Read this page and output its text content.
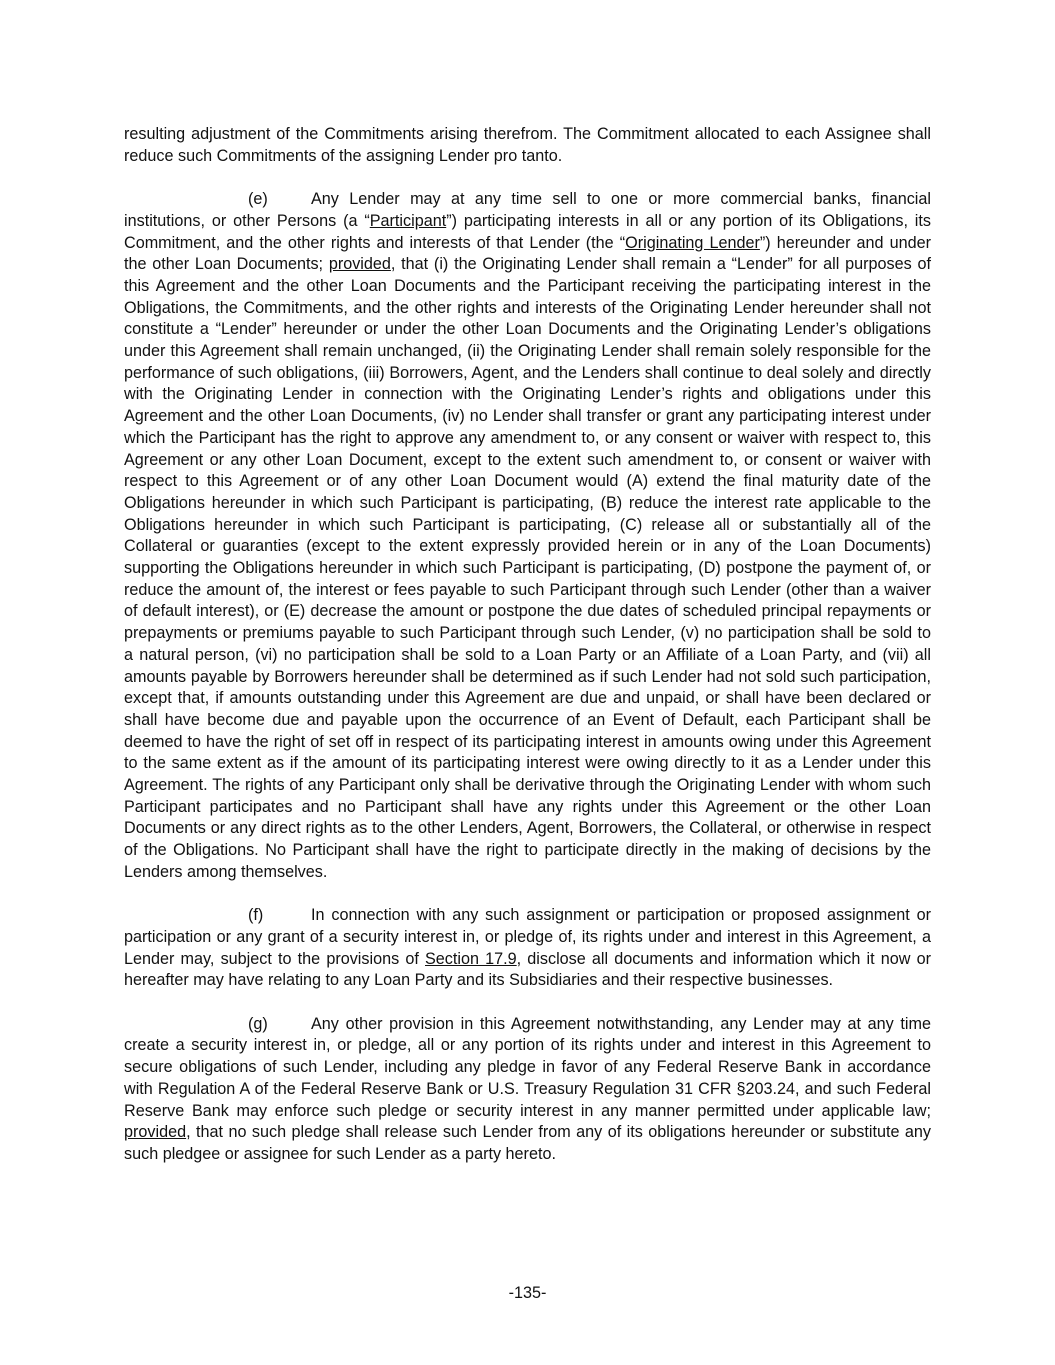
resulting adjustment of the Commitments arising therefrom. The Commitment allocated to each Assignee shall reduce such Commitments of the assigning Lender pro tanto.

(e)	Any Lender may at any time sell to one or more commercial banks, financial institutions, or other Persons (a “Participant”) participating interests in all or any portion of its Obligations, its Commitment, and the other rights and interests of that Lender (the “Originating Lender”) hereunder and under the other Loan Documents; provided, that (i) the Originating Lender shall remain a “Lender” for all purposes of this Agreement and the other Loan Documents and the Participant receiving the participating interest in the Obligations, the Commitments, and the other rights and interests of the Originating Lender hereunder shall not constitute a “Lender” hereunder or under the other Loan Documents and the Originating Lender’s obligations under this Agreement shall remain unchanged, (ii) the Originating Lender shall remain solely responsible for the performance of such obligations, (iii) Borrowers, Agent, and the Lenders shall continue to deal solely and directly with the Originating Lender in connection with the Originating Lender’s rights and obligations under this Agreement and the other Loan Documents, (iv) no Lender shall transfer or grant any participating interest under which the Participant has the right to approve any amendment to, or any consent or waiver with respect to, this Agreement or any other Loan Document, except to the extent such amendment to, or consent or waiver with respect to this Agreement or of any other Loan Document would (A) extend the final maturity date of the Obligations hereunder in which such Participant is participating, (B) reduce the interest rate applicable to the Obligations hereunder in which such Participant is participating, (C) release all or substantially all of the Collateral or guaranties (except to the extent expressly provided herein or in any of the Loan Documents) supporting the Obligations hereunder in which such Participant is participating, (D) postpone the payment of, or reduce the amount of, the interest or fees payable to such Participant through such Lender (other than a waiver of default interest), or (E) decrease the amount or postpone the due dates of scheduled principal repayments or prepayments or premiums payable to such Participant through such Lender, (v) no participation shall be sold to a natural person, (vi) no participation shall be sold to a Loan Party or an Affiliate of a Loan Party, and (vii) all amounts payable by Borrowers hereunder shall be determined as if such Lender had not sold such participation, except that, if amounts outstanding under this Agreement are due and unpaid, or shall have been declared or shall have become due and payable upon the occurrence of an Event of Default, each Participant shall be deemed to have the right of set off in respect of its participating interest in amounts owing under this Agreement to the same extent as if the amount of its participating interest were owing directly to it as a Lender under this Agreement. The rights of any Participant only shall be derivative through the Originating Lender with whom such Participant participates and no Participant shall have any rights under this Agreement or the other Loan Documents or any direct rights as to the other Lenders, Agent, Borrowers, the Collateral, or otherwise in respect of the Obligations. No Participant shall have the right to participate directly in the making of decisions by the Lenders among themselves.

(f)	In connection with any such assignment or participation or proposed assignment or participation or any grant of a security interest in, or pledge of, its rights under and interest in this Agreement, a Lender may, subject to the provisions of Section 17.9, disclose all documents and information which it now or hereafter may have relating to any Loan Party and its Subsidiaries and their respective businesses.

(g)	Any other provision in this Agreement notwithstanding, any Lender may at any time create a security interest in, or pledge, all or any portion of its rights under and interest in this Agreement to secure obligations of such Lender, including any pledge in favor of any Federal Reserve Bank in accordance with Regulation A of the Federal Reserve Bank or U.S. Treasury Regulation 31 CFR §203.24, and such Federal Reserve Bank may enforce such pledge or security interest in any manner permitted under applicable law; provided, that no such pledge shall release such Lender from any of its obligations hereunder or substitute any such pledgee or assignee for such Lender as a party hereto.

-135-
